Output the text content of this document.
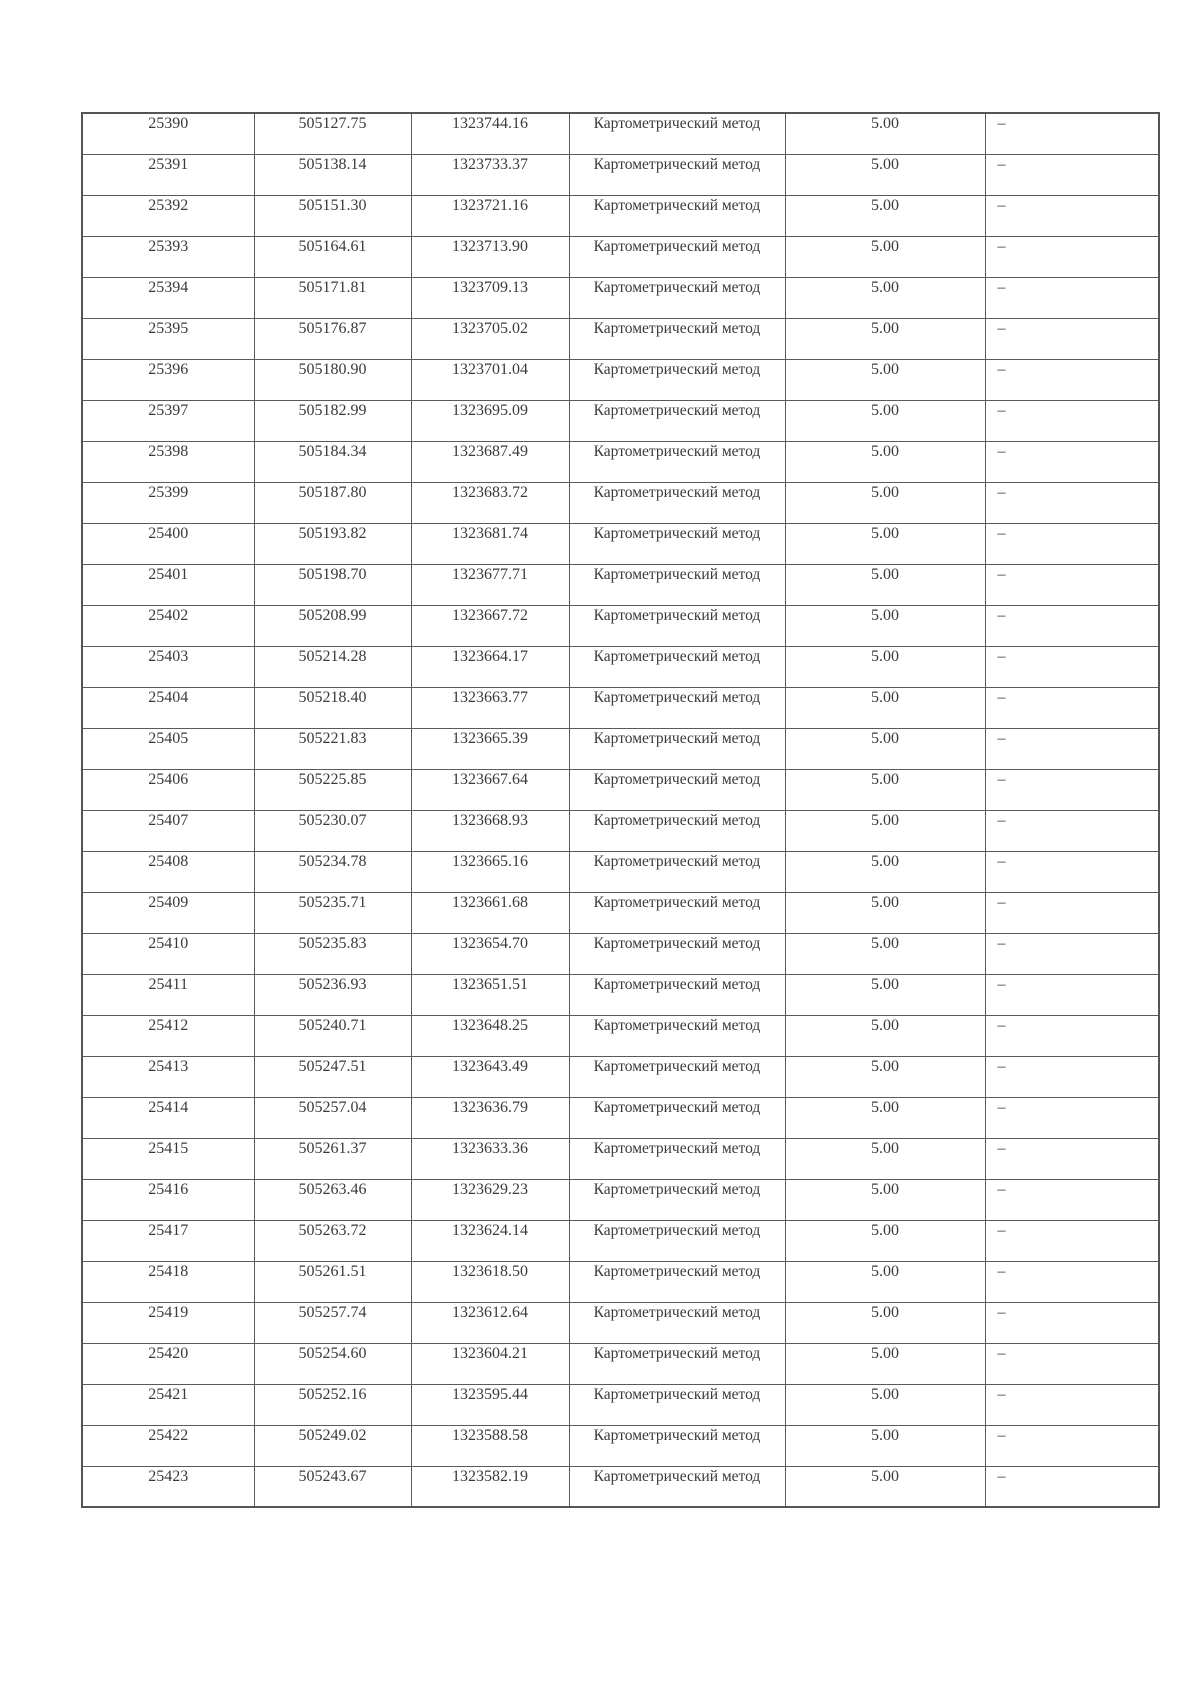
25390	505127.75	1323744.16	Картометрический метод	5.00	–
25391	505138.14	1323733.37	Картометрический метод	5.00	–
25392	505151.30	1323721.16	Картометрический метод	5.00	–
25393	505164.61	1323713.90	Картометрический метод	5.00	–
25394	505171.81	1323709.13	Картометрический метод	5.00	–
25395	505176.87	1323705.02	Картометрический метод	5.00	–
25396	505180.90	1323701.04	Картометрический метод	5.00	–
25397	505182.99	1323695.09	Картометрический метод	5.00	–
25398	505184.34	1323687.49	Картометрический метод	5.00	–
25399	505187.80	1323683.72	Картометрический метод	5.00	–
25400	505193.82	1323681.74	Картометрический метод	5.00	–
25401	505198.70	1323677.71	Картометрический метод	5.00	–
25402	505208.99	1323667.72	Картометрический метод	5.00	–
25403	505214.28	1323664.17	Картометрический метод	5.00	–
25404	505218.40	1323663.77	Картометрический метод	5.00	–
25405	505221.83	1323665.39	Картометрический метод	5.00	–
25406	505225.85	1323667.64	Картометрический метод	5.00	–
25407	505230.07	1323668.93	Картометрический метод	5.00	–
25408	505234.78	1323665.16	Картометрический метод	5.00	–
25409	505235.71	1323661.68	Картометрический метод	5.00	–
25410	505235.83	1323654.70	Картометрический метод	5.00	–
25411	505236.93	1323651.51	Картометрический метод	5.00	–
25412	505240.71	1323648.25	Картометрический метод	5.00	–
25413	505247.51	1323643.49	Картометрический метод	5.00	–
25414	505257.04	1323636.79	Картометрический метод	5.00	–
25415	505261.37	1323633.36	Картометрический метод	5.00	–
25416	505263.46	1323629.23	Картометрический метод	5.00	–
25417	505263.72	1323624.14	Картометрический метод	5.00	–
25418	505261.51	1323618.50	Картометрический метод	5.00	–
25419	505257.74	1323612.64	Картометрический метод	5.00	–
25420	505254.60	1323604.21	Картометрический метод	5.00	–
25421	505252.16	1323595.44	Картометрический метод	5.00	–
25422	505249.02	1323588.58	Картометрический метод	5.00	–
25423	505243.67	1323582.19	Картометрический метод	5.00	–
